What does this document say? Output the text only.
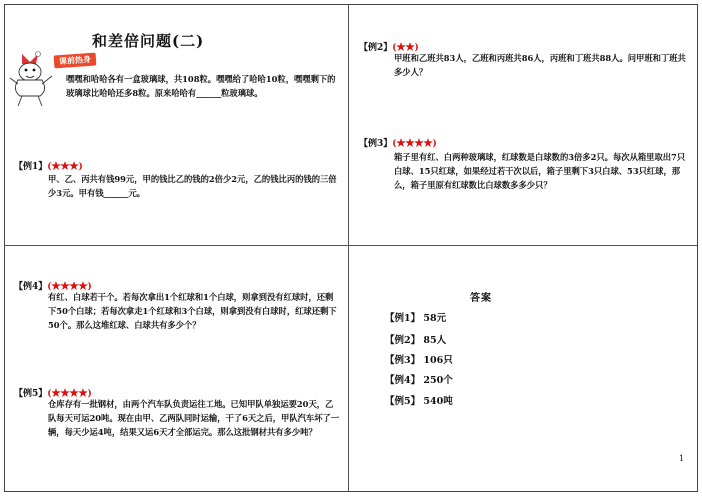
和差倍问题(二)
课前热身
嘿嘿和哈哈各有一盒玻璃球，共108粒。嘿嘿给了哈哈10粒，嘿嘿剩下的玻璃球比哈哈还多8粒。原来哈哈有______粒玻璃球。
【例1】(★★★)
甲、乙、丙共有钱99元，甲的钱比乙的钱的2倍少2元，乙的钱比丙的钱的三倍少3元。甲有钱______元。
【例2】(★★)
甲班和乙班共83人，乙班和丙班共86人，丙班和丁班共88人。问甲班和丁班共多少人？
【例3】(★★★★)
箱子里有红、白两种玻璃球，红球数是白球数的3倍多2只。每次从箱里取出7只白球、15只红球，如果经过若干次以后，箱子里剩下3只白球、53只红球，那么，箱子里原有红球数比白球数多多少只？
【例4】(★★★★)
有红、白球若干个。若每次拿出1个红球和1个白球，则拿到没有红球时，还剩下50个白球；若每次拿走1个红球和3个白球，则拿到没有白球时，红球还剩下50个。那么这堆红球、白球共有多少个？
【例5】(★★★★)
仓库存有一批钢材，由两个汽车队负责运往工地。已知甲队单独运要20天，乙队每天可运20吨。现在由甲、乙两队同时运输，干了6天之后，甲队汽车坏了一辆，每天少运4吨，结果又运6天才全部运完。那么这批钢材共有多少吨？
答案
【例1】 58元
【例2】 85人
【例3】 106只
【例4】 250个
【例5】 540吨
1
